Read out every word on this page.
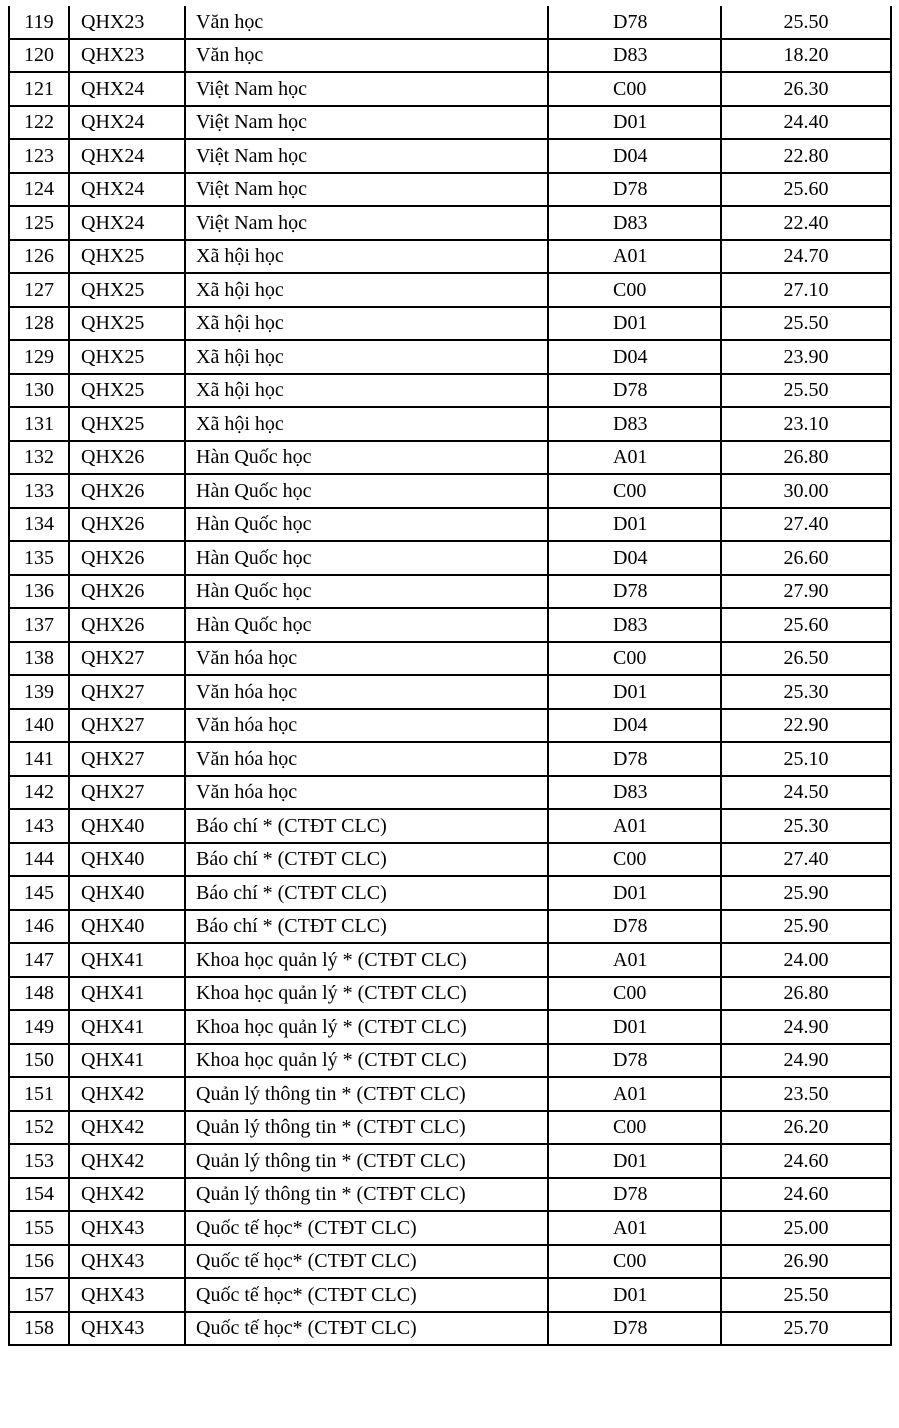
119	QHX23	Văn học	D78	25.50
120	QHX23	Văn học	D83	18.20
121	QHX24	Việt Nam học	C00	26.30
122	QHX24	Việt Nam học	D01	24.40
123	QHX24	Việt Nam học	D04	22.80
124	QHX24	Việt Nam học	D78	25.60
125	QHX24	Việt Nam học	D83	22.40
126	QHX25	Xã hội học	A01	24.70
127	QHX25	Xã hội học	C00	27.10
128	QHX25	Xã hội học	D01	25.50
129	QHX25	Xã hội học	D04	23.90
130	QHX25	Xã hội học	D78	25.50
131	QHX25	Xã hội học	D83	23.10
132	QHX26	Hàn Quốc học	A01	26.80
133	QHX26	Hàn Quốc học	C00	30.00
134	QHX26	Hàn Quốc học	D01	27.40
135	QHX26	Hàn Quốc học	D04	26.60
136	QHX26	Hàn Quốc học	D78	27.90
137	QHX26	Hàn Quốc học	D83	25.60
138	QHX27	Văn hóa học	C00	26.50
139	QHX27	Văn hóa học	D01	25.30
140	QHX27	Văn hóa học	D04	22.90
141	QHX27	Văn hóa học	D78	25.10
142	QHX27	Văn hóa học	D83	24.50
143	QHX40	Báo chí * (CTĐT CLC)	A01	25.30
144	QHX40	Báo chí * (CTĐT CLC)	C00	27.40
145	QHX40	Báo chí * (CTĐT CLC)	D01	25.90
146	QHX40	Báo chí * (CTĐT CLC)	D78	25.90
147	QHX41	Khoa học quản lý * (CTĐT CLC)	A01	24.00
148	QHX41	Khoa học quản lý * (CTĐT CLC)	C00	26.80
149	QHX41	Khoa học quản lý * (CTĐT CLC)	D01	24.90
150	QHX41	Khoa học quản lý * (CTĐT CLC)	D78	24.90
151	QHX42	Quản lý thông tin * (CTĐT CLC)	A01	23.50
152	QHX42	Quản lý thông tin * (CTĐT CLC)	C00	26.20
153	QHX42	Quản lý thông tin * (CTĐT CLC)	D01	24.60
154	QHX42	Quản lý thông tin * (CTĐT CLC)	D78	24.60
155	QHX43	Quốc tế học* (CTĐT CLC)	A01	25.00
156	QHX43	Quốc tế học* (CTĐT CLC)	C00	26.90
157	QHX43	Quốc tế học* (CTĐT CLC)	D01	25.50
158	QHX43	Quốc tế học* (CTĐT CLC)	D78	25.70
